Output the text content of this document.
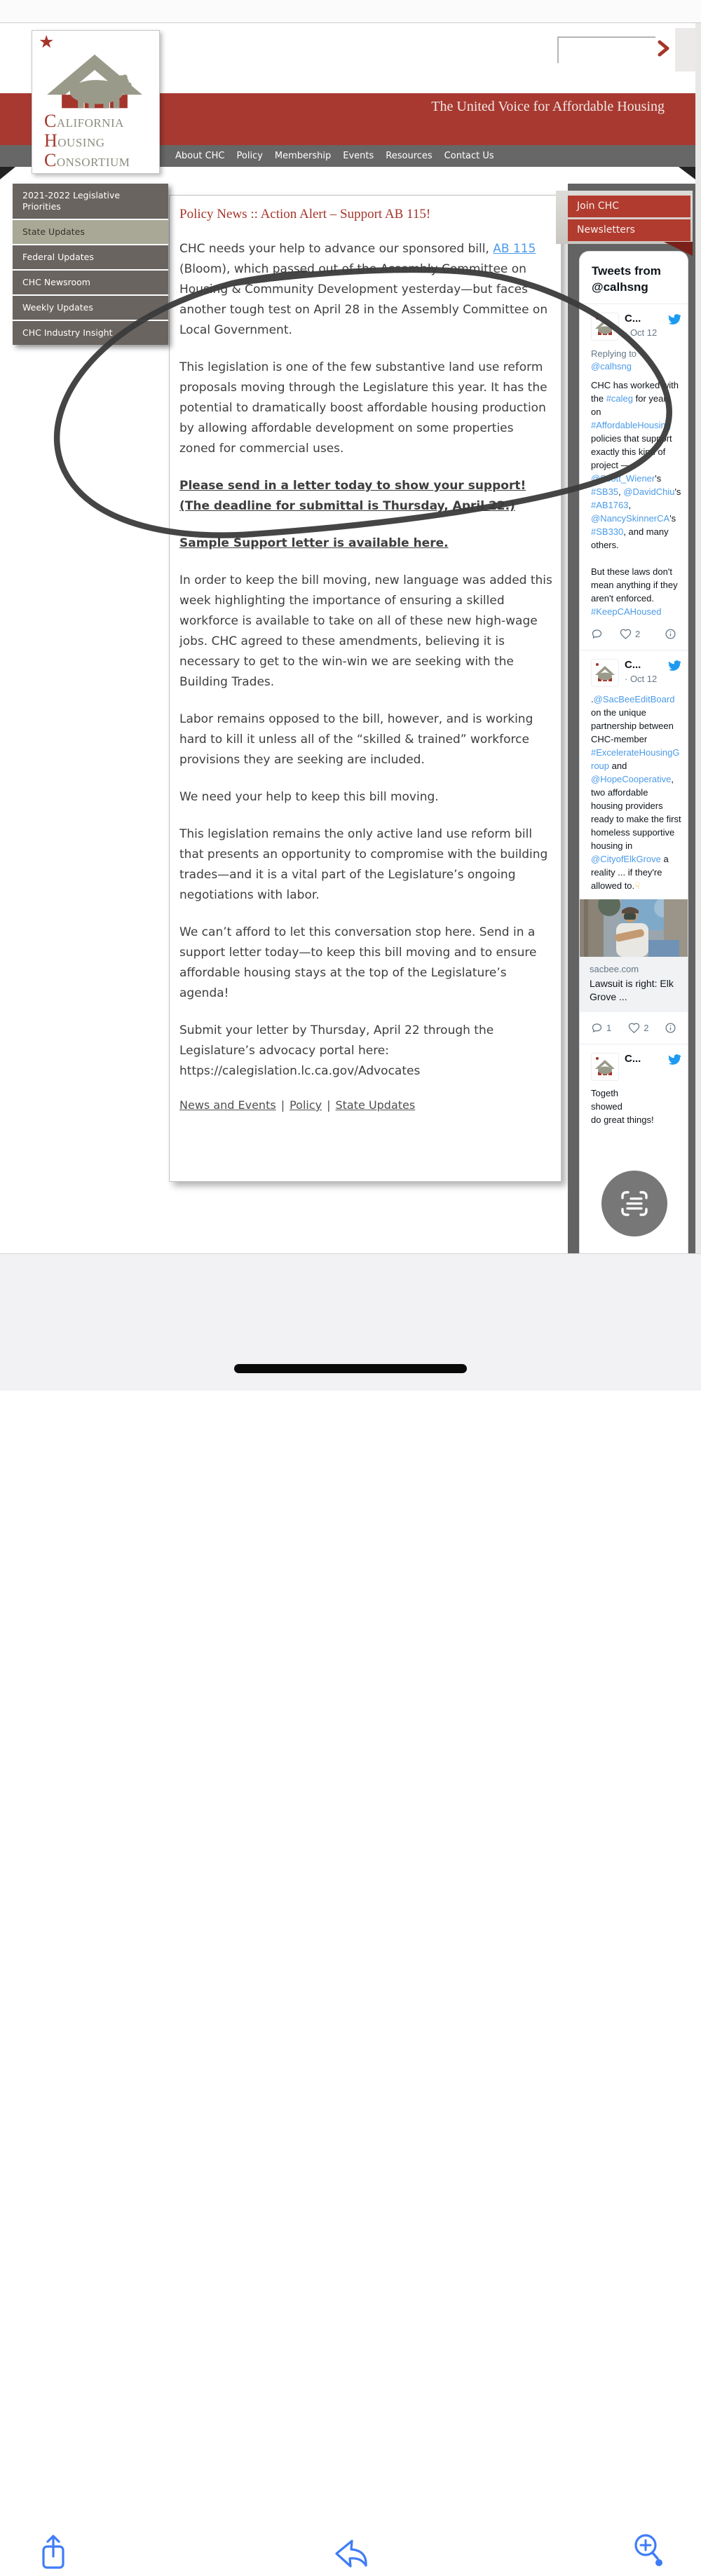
The United Voice for Affordable Housing
About CHC Policy Membership Events Resources Contact Us
★
CALIFORNIA
HOUSING
CONSORTIUM
2021-2022 Legislative Priorities
State Updates
Federal Updates
CHC Newsroom
Weekly Updates
CHC Industry Insight
Policy News :: Action Alert – Support AB 115!

CHC needs your help to advance our sponsored bill, AB 115 (Bloom), which passed out of the Assembly Committee on Housing & Community Development yesterday—but faces another tough test on April 28 in the Assembly Committee on Local Government.

This legislation is one of the few substantive land use reform proposals moving through the Legislature this year. It has the potential to dramatically boost affordable housing production by allowing affordable development on some properties zoned for commercial uses.

Please send in a letter today to show your support! (The deadline for submittal is Thursday, April 22.)

Sample Support letter is available here.

In order to keep the bill moving, new language was added this week highlighting the importance of ensuring a skilled workforce is available to take on all of these new high-wage jobs. CHC agreed to these amendments, believing it is necessary to get to the win-win we are seeking with the Building Trades.

Labor remains opposed to the bill, however, and is working hard to kill it unless all of the “skilled & trained” workforce provisions they are seeking are included.

We need your help to keep this bill moving.

This legislation remains the only active land use reform bill that presents an opportunity to compromise with the building trades—and it is a vital part of the Legislature’s ongoing negotiations with labor.

We can’t afford to let this conversation stop here. Send in a support letter today—to keep this bill moving and to ensure affordable housing stays at the top of the Legislature’s agenda!

Submit your letter by Thursday, April 22 through the Legislature’s advocacy portal here: https://calegislation.lc.ca.gov/Advocates

News and Events | Policy | State Updates
Join CHC
Newsletters
Tweets from
@calhsng
C...
· Oct 12
Replying to
@calhsng
CHC has worked with the #caleg for years on #AffordableHousing policies that support exactly this kind of project — @Scott_Wiener's #SB35, @DavidChiu's #AB1763, @NancySkinnerCA's #SB330, and many others.

But these laws don't mean anything if they aren't enforced. #KeepCAHoused
2
C...
· Oct 12
.@SacBeeEditBoard on the unique partnership between CHC-member #ExcelerateHousingGroup and @HopeCooperative, two affordable housing providers ready to make the first homeless supportive housing in @CityofElkGrove a reality ... if they're allowed to.☟
sacbee.com
Lawsuit is right: Elk Grove ...
1	2
C...
Togeth
showed
do great things!
